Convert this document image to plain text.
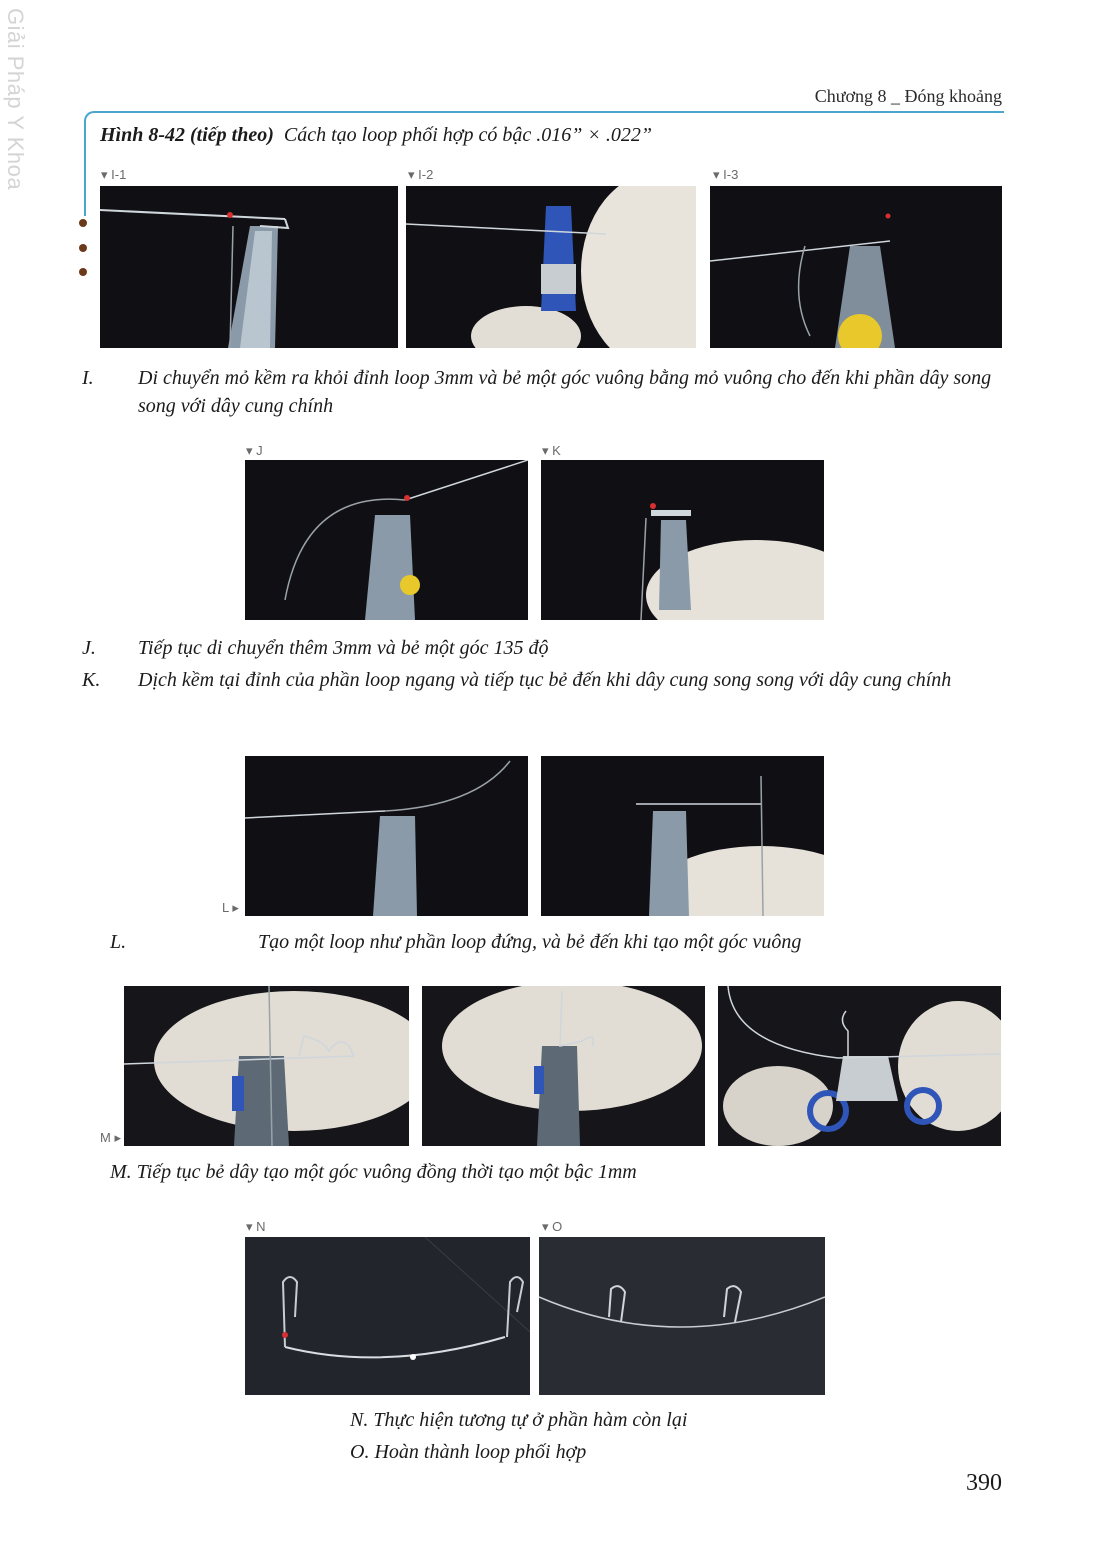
Giải Pháp Y Khoa	Chương 8 _ Đóng khoảng
Hình 8-42 (tiếp theo) Cách tạo loop phối hợp có bậc .016” × .022”
▾ I-1	▾ I-2	▾ I-3
I. Di chuyển mỏ kềm ra khỏi đỉnh loop 3mm và bẻ một góc vuông bằng mỏ vuông cho đến khi phần dây song song với dây cung chính
▾ J	▾ K
J. Tiếp tục di chuyển thêm 3mm và bẻ một góc 135 độ
K. Dịch kềm tại đỉnh của phần loop ngang và tiếp tục bẻ đến khi dây cung song song với dây cung chính
L ▸
L.	Tạo một loop như phần loop đứng, và bẻ đến khi tạo một góc vuông
M ▸
M. Tiếp tục bẻ dây tạo một góc vuông đồng thời tạo một bậc 1mm
▾ N	▾ O
N. Thực hiện tương tự ở phần hàm còn lại
O. Hoàn thành loop phối hợp
390
